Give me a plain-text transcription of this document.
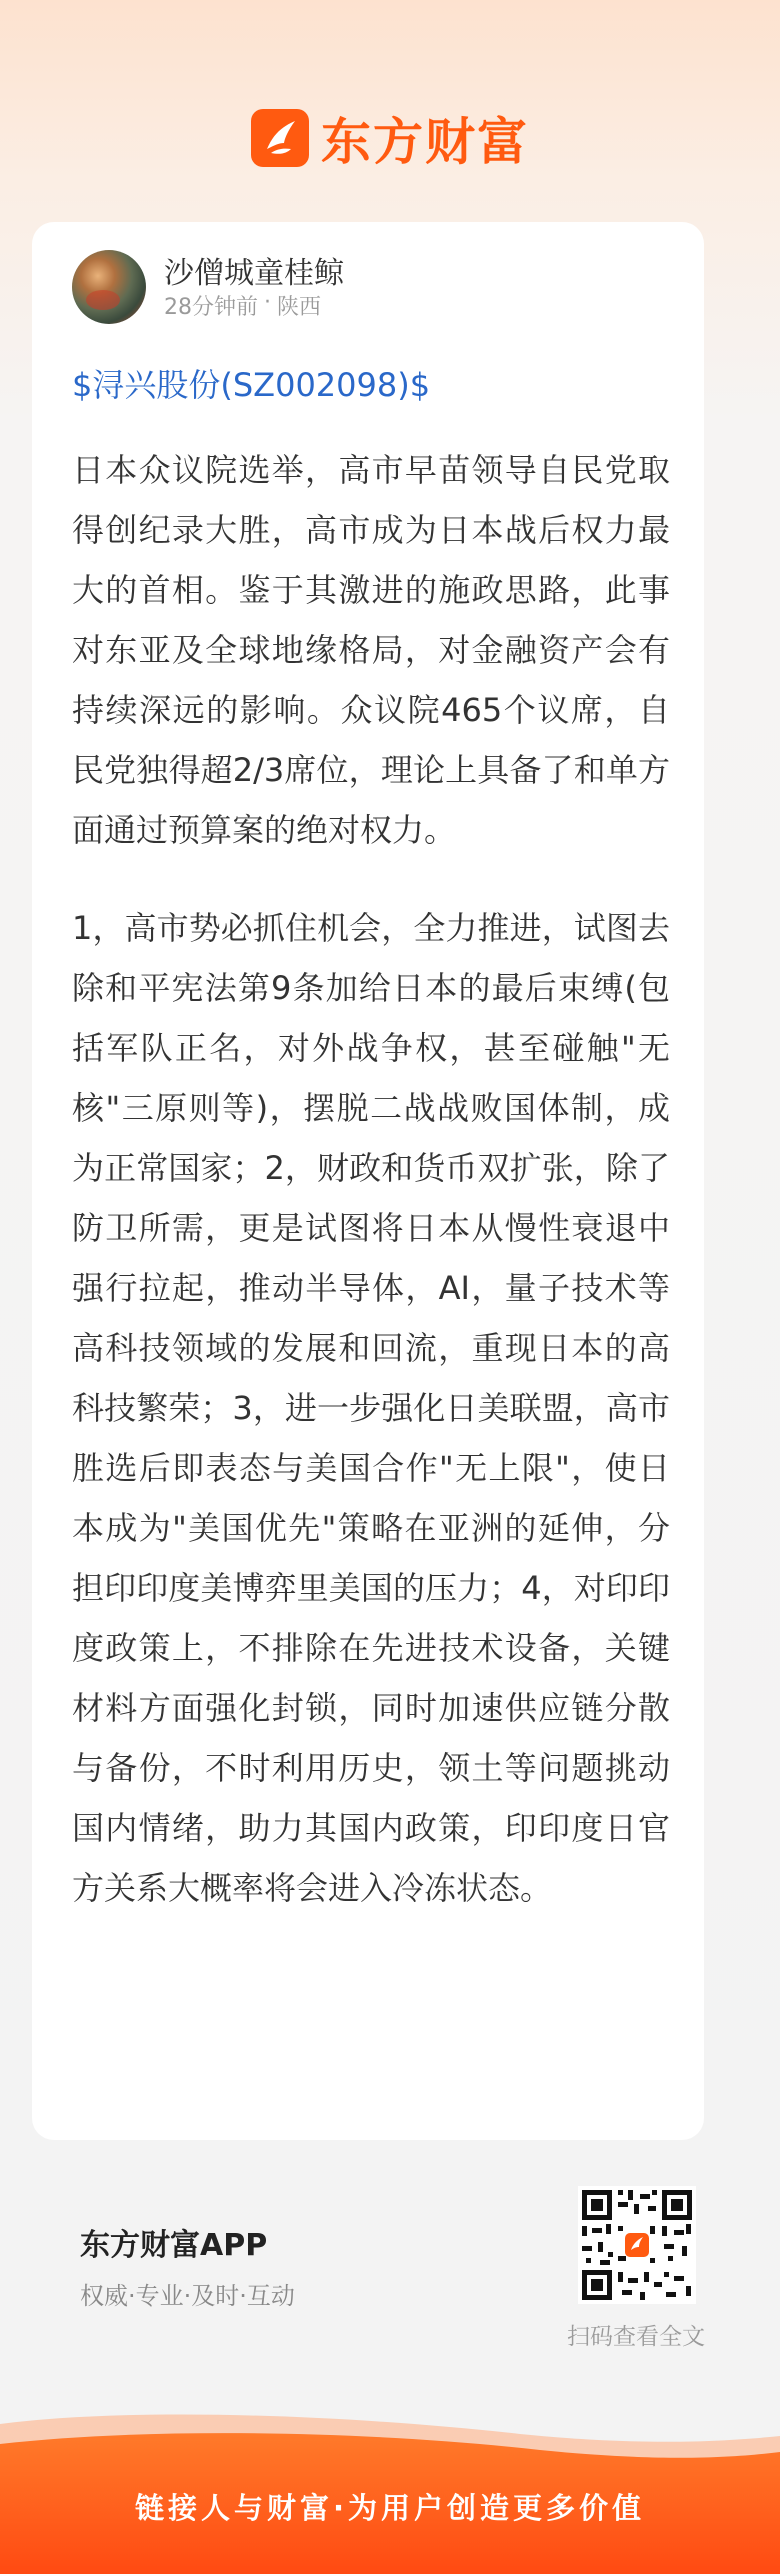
东方财富
沙僧城童桂鲸
28分钟前 · 陕西
$浔兴股份(SZ002098)$

日本众议院选举，高市早苗领导自民党取得创纪录大胜，高市成为日本战后权力最大的首相。鉴于其激进的施政思路，此事对东亚及全球地缘格局，对金融资产会有持续深远的影响。众议院465个议席，自民党独得超2/3席位，理论上具备了和单方面通过预算案的绝对权力。

1，高市势必抓住机会，全力推进，试图去除和平宪法第9条加给日本的最后束缚(包括军队正名，对外战争权，甚至碰触"无核"三原则等)，摆脱二战战败国体制，成为正常国家；2，财政和货币双扩张，除了防卫所需，更是试图将日本从慢性衰退中强行拉起，推动半导体，AI，量子技术等高科技领域的发展和回流，重现日本的高科技繁荣；3，进一步强化日美联盟，高市胜选后即表态与美国合作"无上限"，使日本成为"美国优先"策略在亚洲的延伸，分担印印度美博弈里美国的压力；4，对印印度政策上，不排除在先进技术设备，关键材料方面强化封锁，同时加速供应链分散与备份，不时利用历史，领土等问题挑动国内情绪，助力其国内政策，印印度日官方关系大概率将会进入冷冻状态。

东方财富APP
权威·专业·及时·互动
扫码查看全文
链接人与财富·为用户创造更多价值
